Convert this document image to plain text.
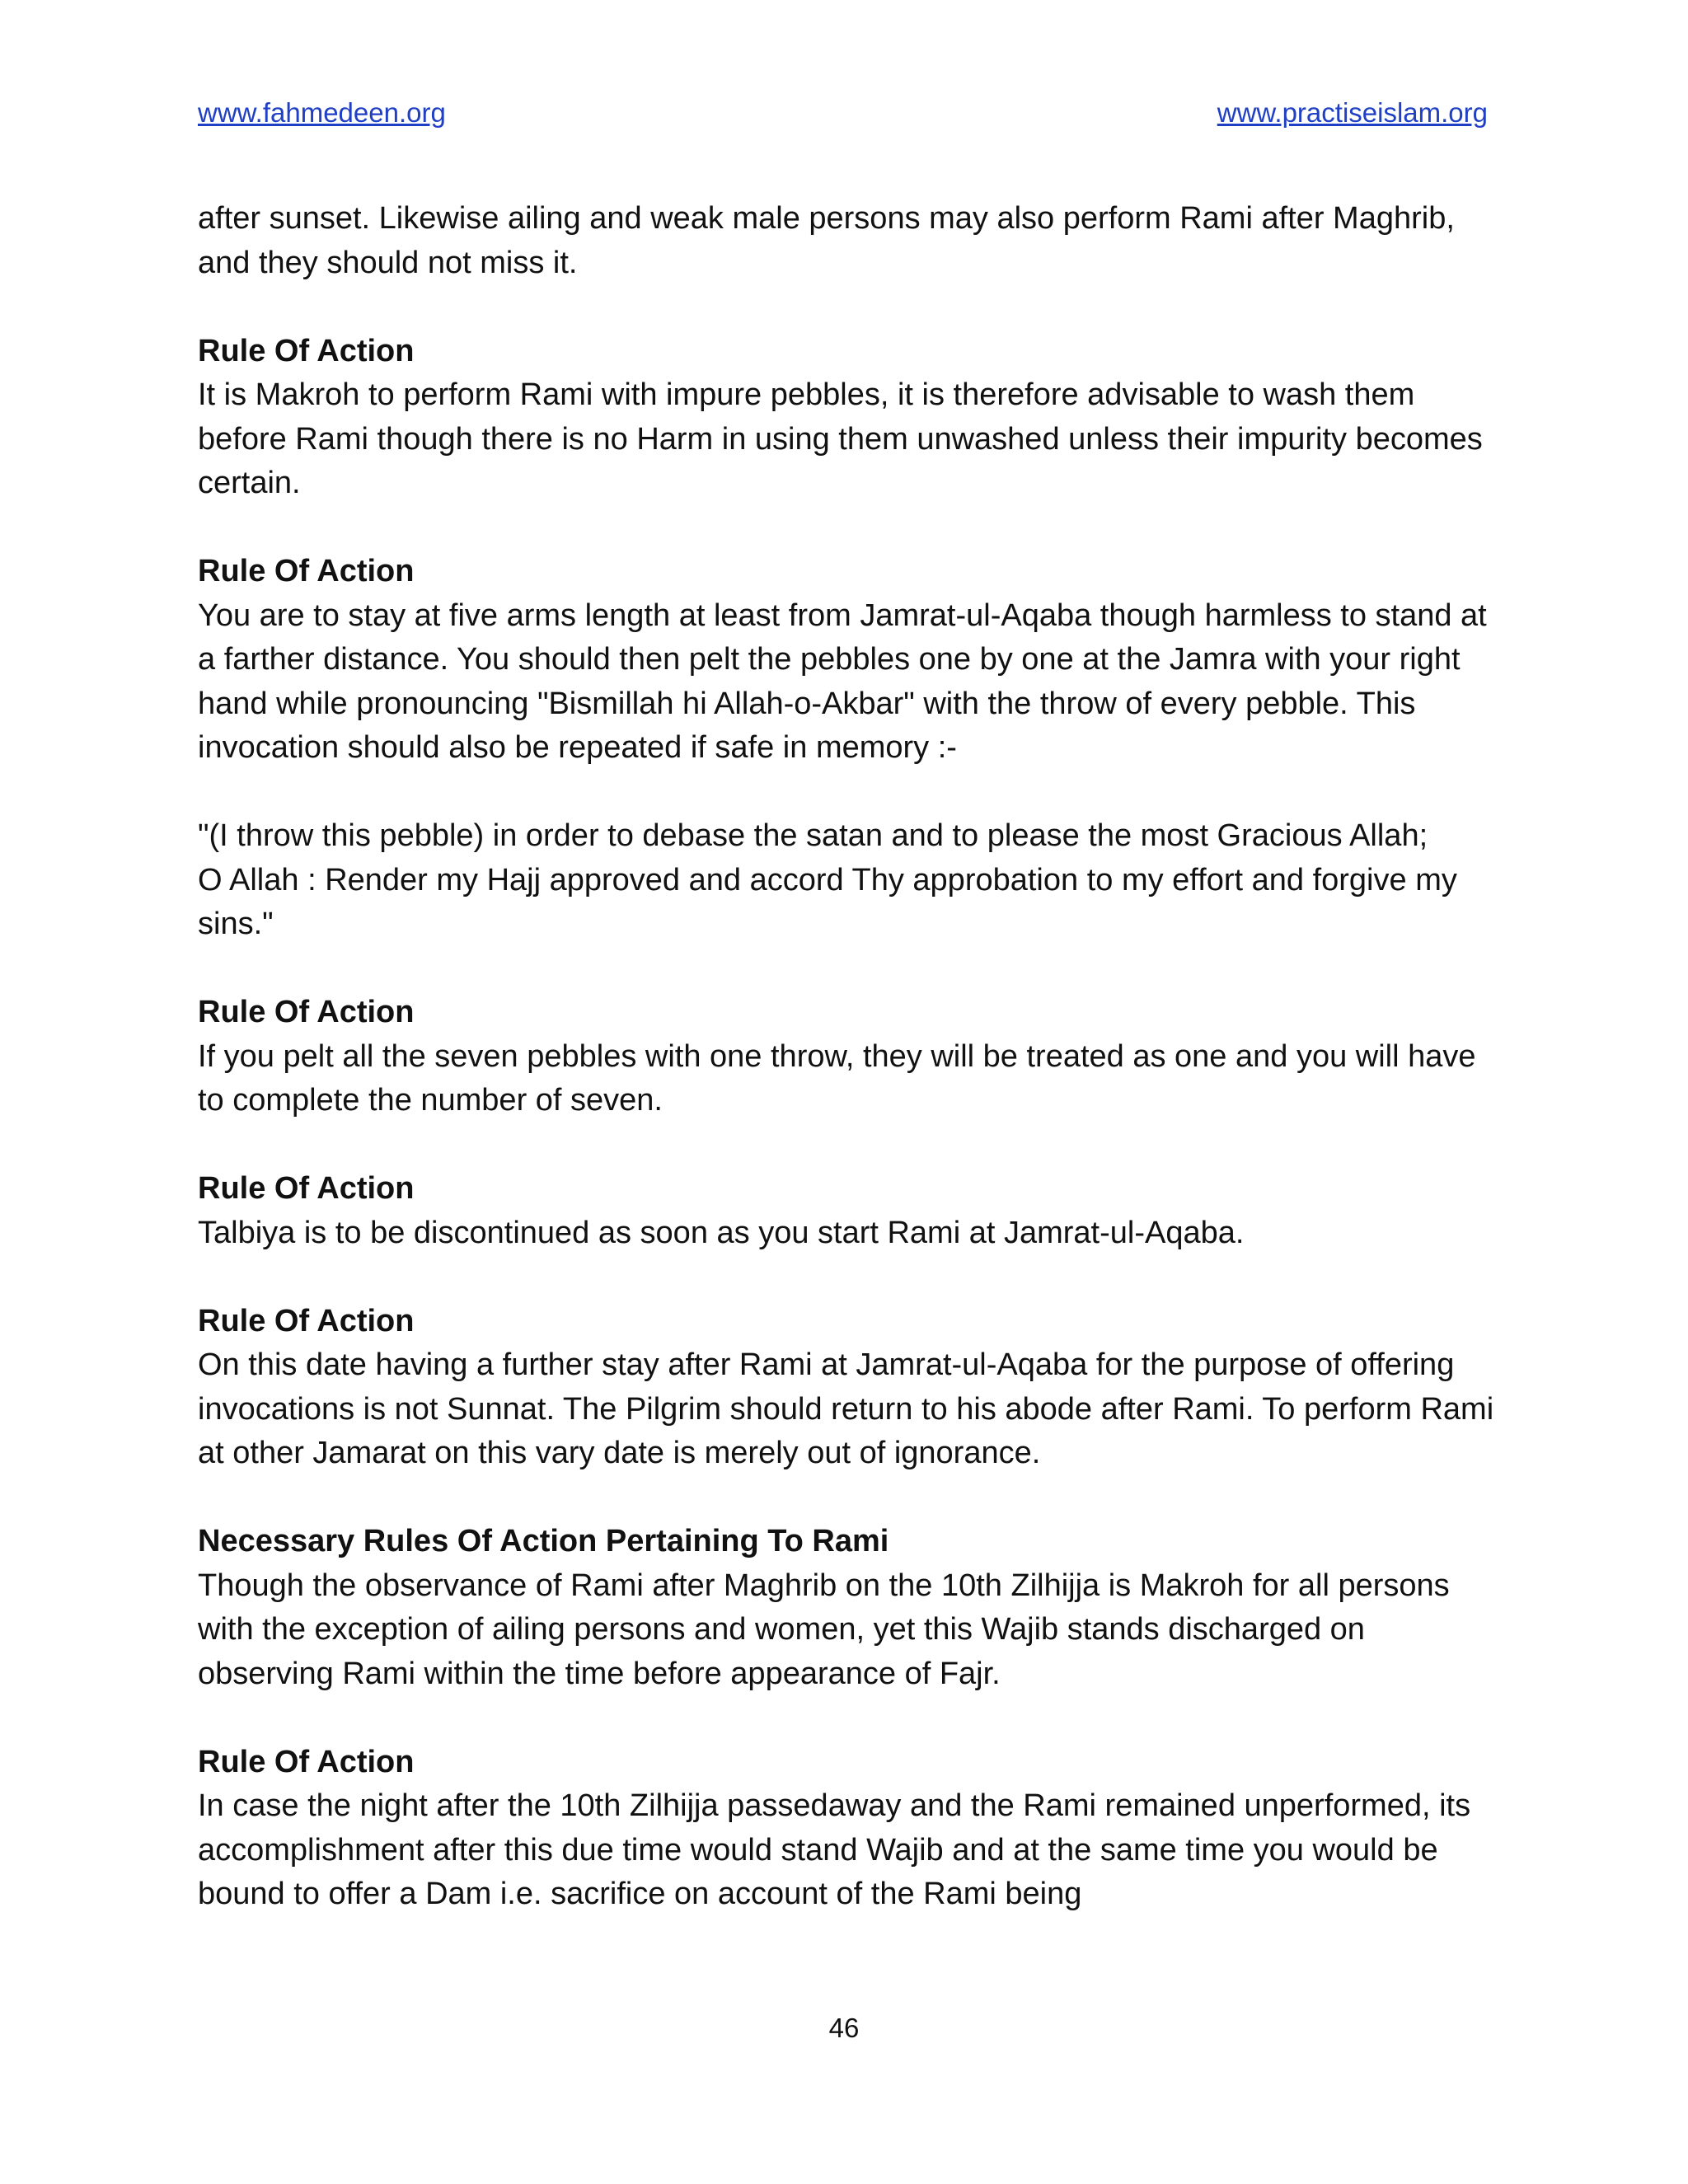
www.fahmedeen.org	www.practiseislam.org

after sunset. Likewise ailing and weak male persons may also perform Rami after Maghrib, and they should not miss it.

Rule Of Action
It is Makroh to perform Rami with impure pebbles, it is therefore advisable to wash them before Rami though there is no Harm in using them unwashed unless their impurity becomes certain.

Rule Of Action
You are to stay at five arms length at least from Jamrat-ul-Aqaba though harmless to stand at a farther distance. You should then pelt the pebbles one by one at the Jamra with your right hand while pronouncing "Bismillah hi Allah-o-Akbar" with the throw of every pebble. This invocation should also be repeated if safe in memory :-

"(I throw this pebble) in order to debase the satan and to please the most Gracious Allah;
O Allah : Render my Hajj approved and accord Thy approbation to my effort and forgive my sins."

Rule Of Action
If you pelt all the seven pebbles with one throw, they will be treated as one and you will have to complete the number of seven.

Rule Of Action
Talbiya is to be discontinued as soon as you start Rami at Jamrat-ul-Aqaba.

Rule Of Action
On this date having a further stay after Rami at Jamrat-ul-Aqaba for the purpose of offering invocations is not Sunnat. The Pilgrim should return to his abode after Rami. To perform Rami at other Jamarat on this vary date is merely out of ignorance.

Necessary Rules Of Action Pertaining To Rami
Though the observance of Rami after Maghrib on the 10th Zilhijja is Makroh for all persons with the exception of ailing persons and women, yet this Wajib stands discharged on observing Rami within the time before appearance of Fajr.

Rule Of Action
In case the night after the 10th Zilhijja passedaway and the Rami remained unperformed, its accomplishment after this due time would stand Wajib and at the same time you would be bound to offer a Dam i.e. sacrifice on account of the Rami being

46
